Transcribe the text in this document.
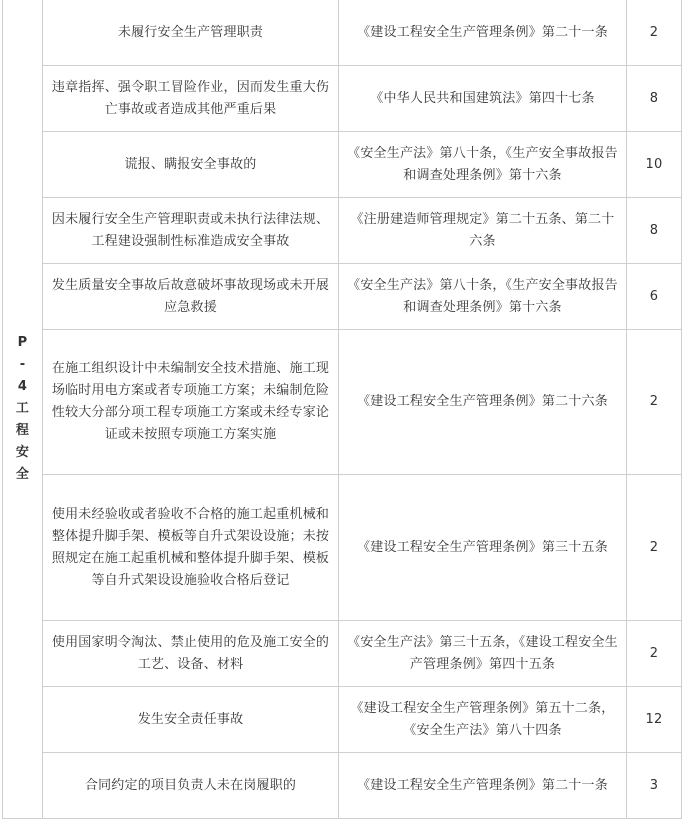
P-4
工程安全	未履行安全生产管理职责	《建设工程安全生产管理条例》第二十一条	2
	违章指挥、强令职工冒险作业，因而发生重大伤亡事故或者造成其他严重后果	《中华人民共和国建筑法》第四十七条	8
	谎报、瞒报安全事故的	《安全生产法》第八十条，《生产安全事故报告和调查处理条例》第十六条	10
	因未履行安全生产管理职责或未执行法律法规、工程建设强制性标准造成安全事故	《注册建造师管理规定》第二十五条、第二十六条	8
	发生质量安全事故后故意破坏事故现场或未开展应急救援	《安全生产法》第八十条，《生产安全事故报告和调查处理条例》第十六条	6
	在施工组织设计中未编制安全技术措施、施工现场临时用电方案或者专项施工方案；未编制危险性较大分部分项工程专项施工方案或未经专家论证或未按照专项施工方案实施	《建设工程安全生产管理条例》第二十六条	2
	使用未经验收或者验收不合格的施工起重机械和整体提升脚手架、模板等自升式架设设施；未按照规定在施工起重机械和整体提升脚手架、模板等自升式架设设施验收合格后登记	《建设工程安全生产管理条例》第三十五条	2
	使用国家明令淘汰、禁止使用的危及施工安全的工艺、设备、材料	《安全生产法》第三十五条，《建设工程安全生产管理条例》第四十五条	2
	发生安全责任事故	《建设工程安全生产管理条例》第五十二条，《安全生产法》第八十四条	12
	合同约定的项目负责人未在岗履职的	《建设工程安全生产管理条例》第二十一条	3
